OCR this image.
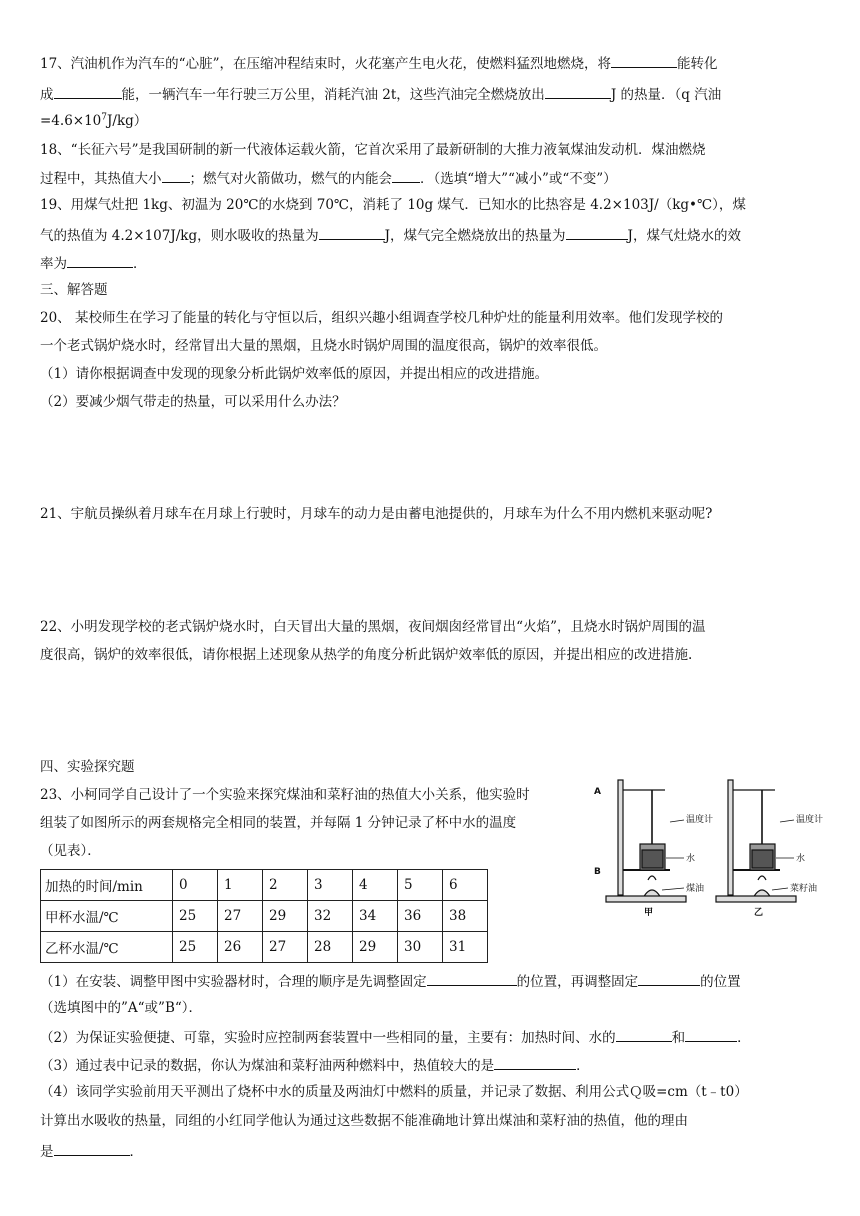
17、汽油机作为汽车的“心脏”，在压缩冲程结束时，火花塞产生电火花，使燃料猛烈地燃烧，将	能转化
成	能，一辆汽车一年行驶三万公里，消耗汽油 2t，这些汽油完全燃烧放出	J 的热量．（q 汽油
$=4.6\times 10^7J/kg$）
18、“长征六号”是我国研制的新一代液体运载火箭，它首次采用了最新研制的大推力液氧煤油发动机．煤油燃烧
过程中，其热值大小 ；燃气对火箭做功，燃气的内能会 ．（选填“增大”“减小”或“不变”）
19、用煤气灶把 1kg、初温为 20℃的水烧到 70℃，消耗了 10g 煤气．已知水的比热容是 4.2×103J/（kg•℃），煤
气的热值为 4.2×107J/kg，则水吸收的热量为	J，煤气完全燃烧放出的热量为	J，煤气灶烧水的效
率为	．
三、解答题
20、 某校师生在学习了能量的转化与守恒以后，组织兴趣小组调查学校几种炉灶的能量利用效率。他们发现学校的
一个老式锅炉烧水时，经常冒出大量的黑烟，且烧水时锅炉周围的温度很高，锅炉的效率很低。
（1）请你根据调查中发现的现象分析此锅炉效率低的原因，并提出相应的改进措施。
（2）要减少烟气带走的热量，可以采用什么办法？
21、宇航员操纵着月球车在月球上行驶时，月球车的动力是由蓄电池提供的，月球车为什么不用内燃机来驱动呢?
22、小明发现学校的老式锅炉烧水时，白天冒出大量的黑烟，夜间烟囱经常冒出“火焰”，且烧水时锅炉周围的温
度很高，锅炉的效率很低，请你根据上述现象从热学的角度分析此锅炉效率低的原因，并提出相应的改进措施.
四、实验探究题
23、小柯同学自己设计了一个实验来探究煤油和菜籽油的热值大小关系，他实验时
组装了如图所示的两套规格完全相同的装置，并每隔 1 分钟记录了杯中水的温度
（见表）．
加热的时间/min	0	1	2	3	4	5	6
甲杯水温/℃	25	27	29	32	34	36	38
乙杯水温/℃	25	26	27	28	29	30	31
（1）在安装、调整甲图中实验器材时，合理的顺序是先调整固定	的位置，再调整固定	的位置
（选填图中的”A“或”B“）．
（2）为保证实验便捷、可靠，实验时应控制两套装置中一些相同的量，主要有：加热时间、水的	和	．
（3）通过表中记录的数据，你认为煤油和菜籽油两种燃料中，热值较大的是	．
（4）该同学实验前用天平测出了烧杯中水的质量及两油灯中燃料的质量，并记录了数据、利用公式Ｑ吸=cm（t﹣t0）
计算出水吸收的热量，同组的小红同学他认为通过这些数据不能准确地计算出煤油和菜籽油的热值，他的理由
是	．
A
B
温度计
水
煤油
甲
温度计
水
菜籽油
乙
